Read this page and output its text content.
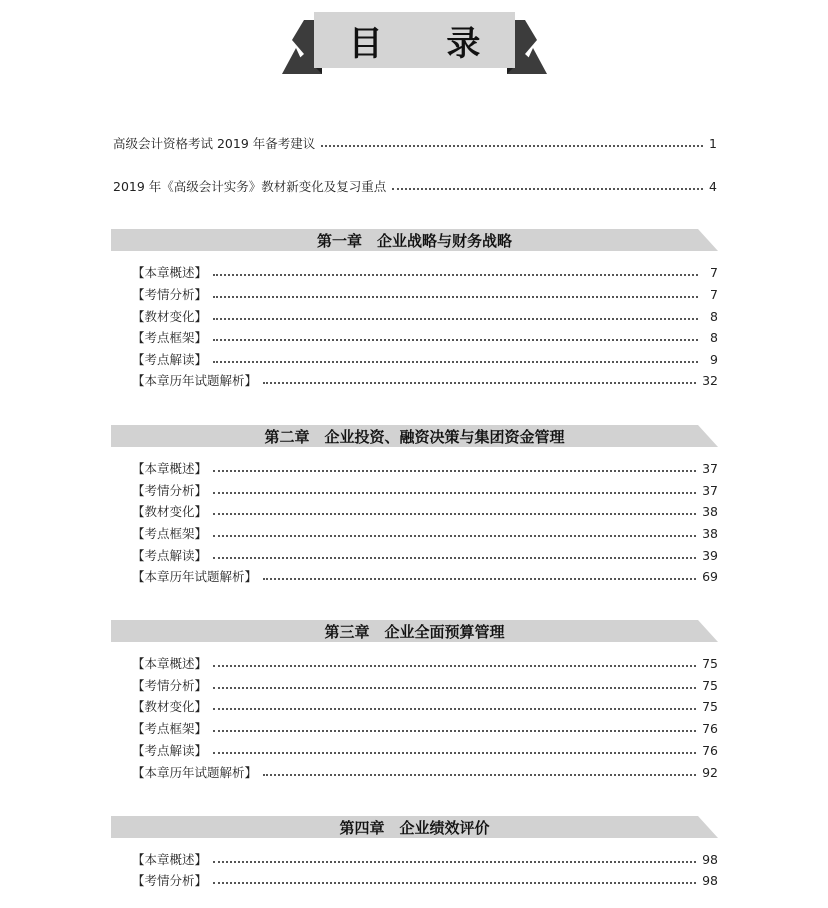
目 录
高级会计资格考试 2019 年备考建议	1
2019 年《高级会计实务》教材新变化及复习重点	4
第一章　企业战略与财务战略
【本章概述】	7
【考情分析】	7
【教材变化】	8
【考点框架】	8
【考点解读】	9
【本章历年试题解析】	32
第二章　企业投资、融资决策与集团资金管理
【本章概述】	37
【考情分析】	37
【教材变化】	38
【考点框架】	38
【考点解读】	39
【本章历年试题解析】	69
第三章　企业全面预算管理
【本章概述】	75
【考情分析】	75
【教材变化】	75
【考点框架】	76
【考点解读】	76
【本章历年试题解析】	92
第四章　企业绩效评价
【本章概述】	98
【考情分析】	98
